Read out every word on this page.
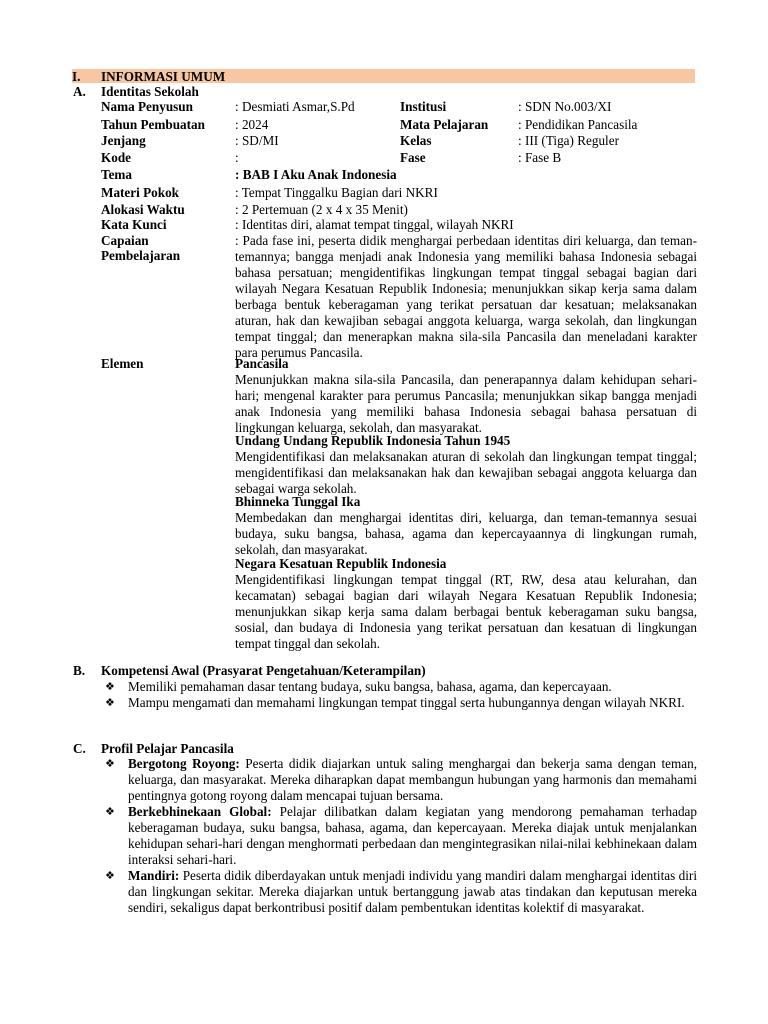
I. INFORMASI UMUM
A. Identitas Sekolah
Nama Penyusun	: Desmiati Asmar,S.Pd	Institusi	: SDN No.003/XI
Tahun Pembuatan : 2024	Mata Pelajaran : Pendidikan Pancasila
Jenjang	: SD/MI	Kelas	: III (Tiga) Reguler
Kode	:	Fase	: Fase B
Tema	: BAB I Aku Anak Indonesia
Materi Pokok	: Tempat Tinggalku Bagian dari NKRI
Alokasi Waktu	: 2 Pertemuan (2 x 4 x 35 Menit)
Kata Kunci	: Identitas diri, alamat tempat tinggal, wilayah NKRI
Capaian
Pembelajaran
: Pada fase ini, peserta didik menghargai perbedaan identitas diri keluarga, dan teman-temannya; bangga menjadi anak Indonesia yang memiliki bahasa Indonesia sebagai bahasa persatuan; mengidentifikas lingkungan tempat tinggal sebagai bagian dari wilayah Negara Kesatuan Republik Indonesia; menunjukkan sikap kerja sama dalam berbaga bentuk keberagaman yang terikat persatuan dar kesatuan; melaksanakan aturan, hak dan kewajiban sebagai anggota keluarga, warga sekolah, dan lingkungan tempat tinggal; dan menerapkan makna sila-sila Pancasila dan meneladani karakter para perumus Pancasila.
Elemen	Pancasila
Menunjukkan makna sila-sila Pancasila, dan penerapannya dalam kehidupan sehari-hari; mengenal karakter para perumus Pancasila; menunjukkan sikap bangga menjadi anak Indonesia yang memiliki bahasa Indonesia sebagai bahasa persatuan di lingkungan keluarga, sekolah, dan masyarakat.
Undang Undang Republik Indonesia Tahun 1945
Mengidentifikasi dan melaksanakan aturan di sekolah dan lingkungan tempat tinggal; mengidentifikasi dan melaksanakan hak dan kewajiban sebagai anggota keluarga dan sebagai warga sekolah.
Bhinneka Tunggal Ika
Membedakan dan menghargai identitas diri, keluarga, dan teman-temannya sesuai budaya, suku bangsa, bahasa, agama dan kepercayaannya di lingkungan rumah, sekolah, dan masyarakat.
Negara Kesatuan Republik Indonesia
Mengidentifikasi lingkungan tempat tinggal (RT, RW, desa atau kelurahan, dan kecamatan) sebagai bagian dari wilayah Negara Kesatuan Republik Indonesia; menunjukkan sikap kerja sama dalam berbagai bentuk keberagaman suku bangsa, sosial, dan budaya di Indonesia yang terikat persatuan dan kesatuan di lingkungan tempat tinggal dan sekolah.
B. Kompetensi Awal (Prasyarat Pengetahuan/Keterampilan)
❖ Memiliki pemahaman dasar tentang budaya, suku bangsa, bahasa, agama, dan kepercayaan.
❖ Mampu mengamati dan memahami lingkungan tempat tinggal serta hubungannya dengan wilayah NKRI.
C. Profil Pelajar Pancasila
❖ Bergotong Royong: Peserta didik diajarkan untuk saling menghargai dan bekerja sama dengan teman, keluarga, dan masyarakat. Mereka diharapkan dapat membangun hubungan yang harmonis dan memahami pentingnya gotong royong dalam mencapai tujuan bersama.
❖ Berkebhinekaan Global: Pelajar dilibatkan dalam kegiatan yang mendorong pemahaman terhadap keberagaman budaya, suku bangsa, bahasa, agama, dan kepercayaan. Mereka diajak untuk menjalankan kehidupan sehari-hari dengan menghormati perbedaan dan mengintegrasikan nilai-nilai kebhinekaan dalam interaksi sehari-hari.
❖ Mandiri: Peserta didik diberdayakan untuk menjadi individu yang mandiri dalam menghargai identitas diri dan lingkungan sekitar. Mereka diajarkan untuk bertanggung jawab atas tindakan dan keputusan mereka sendiri, sekaligus dapat berkontribusi positif dalam pembentukan identitas kolektif di masyarakat.
